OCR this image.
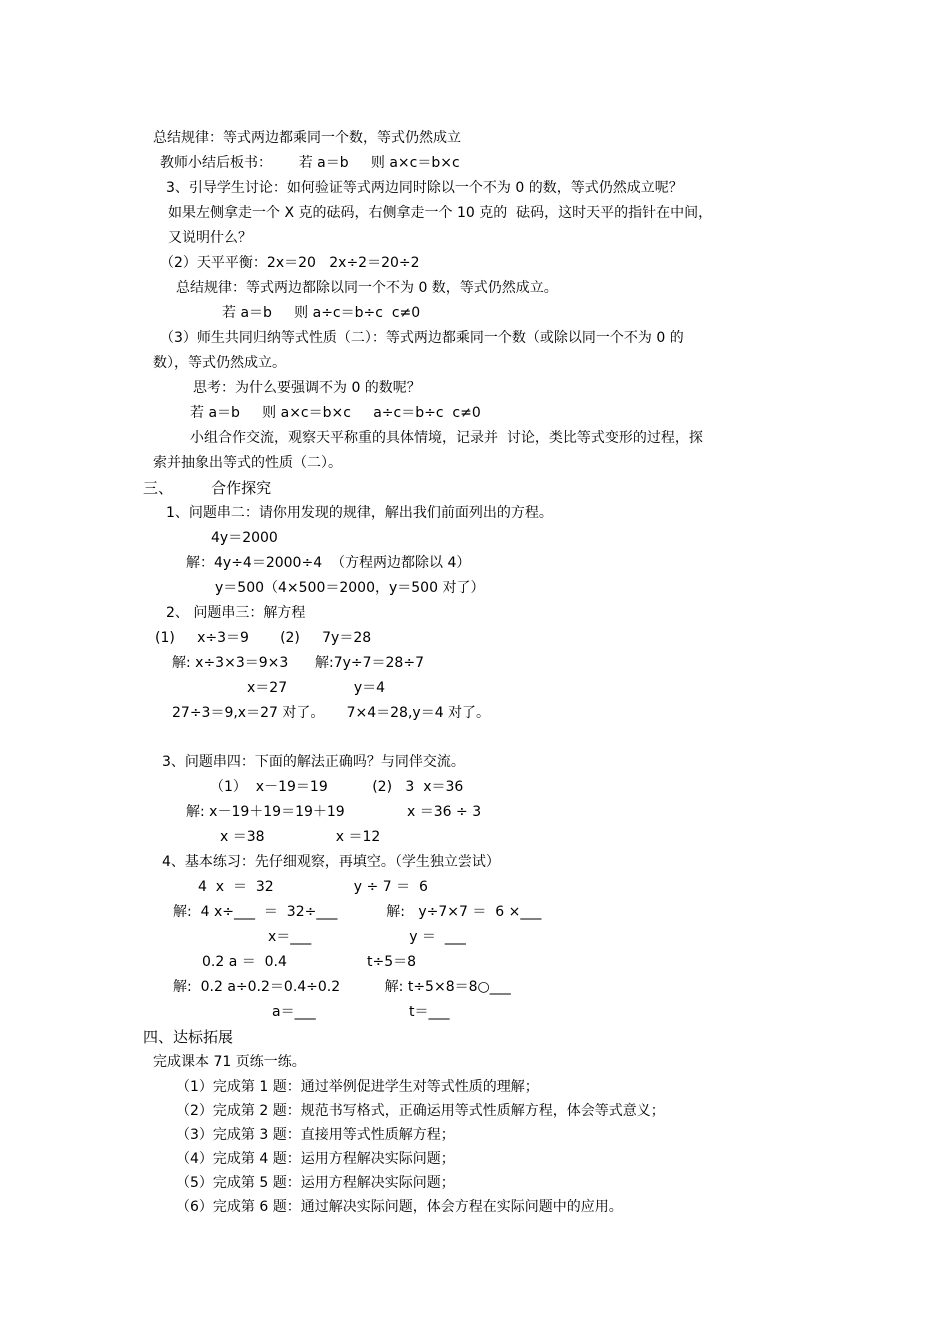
总结规律：等式两边都乘同一个数，等式仍然成立
教师小结后板书：      若 a＝b     则 a×c＝b×c
3、引导学生讨论：如何验证等式两边同时除以一个不为 0 的数，等式仍然成立呢？
如果左侧拿走一个 X 克的砝码，右侧拿走一个 10 克的  砝码，这时天平的指针在中间，
又说明什么？
（2）天平平衡：2x＝20   2x÷2＝20÷2
总结规律：等式两边都除以同一个不为 0 数，等式仍然成立。
若 a＝b     则 a÷c＝b÷c  c≠0
（3）师生共同归纳等式性质（二）：等式两边都乘同一个数（或除以同一个不为 0 的
数），等式仍然成立。
思考：为什么要强调不为 0 的数呢？
若 a＝b     则 a×c＝b×c     a÷c＝b÷c  c≠0
小组合作交流，观察天平称重的具体情境，记录并  讨论，类比等式变形的过程，探
索并抽象出等式的性质（二）。
三、        合作探究
1、问题串二：请你用发现的规律，解出我们前面列出的方程。
4y＝2000
解：4y÷4＝2000÷4  （方程两边都除以 4）
y＝500（4×500＝2000，y＝500 对了）
2、 问题串三：解方程
(1)     x÷3＝9       (2)     7y＝28
解: x÷3×3＝9×3      解:7y÷7＝28÷7
x＝27               y＝4
27÷3＝9,x＝27 对了。     7×4＝28,y＝4 对了。
3、问题串四：下面的解法正确吗？与同伴交流。
（1）  x－19＝19          (2)   3  x＝36
解: x－19＋19＝19＋19              x ＝36 ÷ 3
x ＝38                x ＝12
4、基本练习：先仔细观察，再填空。（学生独立尝试）
4  x  ＝  32                  y ÷ 7 ＝  6
解:  4 x÷___  ＝  32÷___           解:   y÷7×7 ＝  6 ×___
x＝___                      y ＝  ___
0.2 a ＝  0.4                  t÷5＝8
解:  0.2 a÷0.2＝0.4÷0.2          解: t÷5×8＝8○___
a＝___                     t＝___
四、达标拓展
完成课本 71 页练一练。
（1）完成第 1 题：通过举例促进学生对等式性质的理解；
（2）完成第 2 题：规范书写格式，正确运用等式性质解方程，体会等式意义；
（3）完成第 3 题：直接用等式性质解方程；
（4）完成第 4 题：运用方程解决实际问题；
（5）完成第 5 题：运用方程解决实际问题；
（6）完成第 6 题：通过解决实际问题，体会方程在实际问题中的应用。
